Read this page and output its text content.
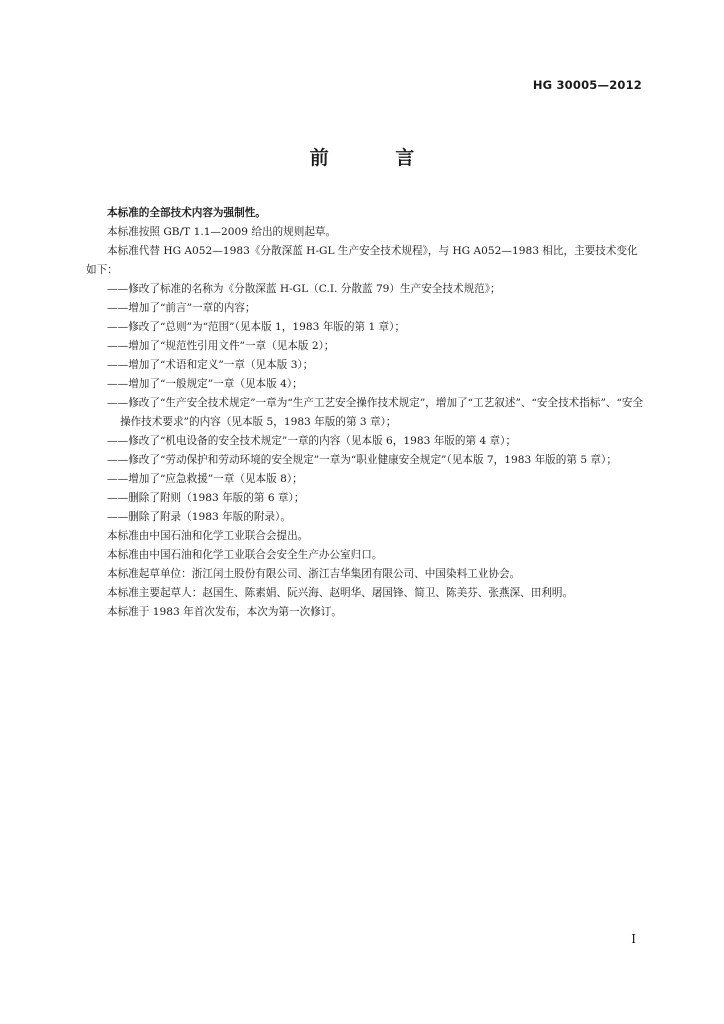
HG 30005—2012
前 言
本标准的全部技术内容为强制性。
本标准按照 GB/T 1.1—2009 给出的规则起草。
本标准代替 HG A052—1983《分散深蓝 H-GL 生产安全技术规程》，与 HG A052—1983 相比，主要技术变化如下：
——修改了标准的名称为《分散深蓝 H-GL（C.I. 分散蓝 79）生产安全技术规范》；
——增加了“前言”一章的内容；
——修改了“总则”为“范围”（见本版 1，1983 年版的第 1 章）；
——增加了“规范性引用文件”一章（见本版 2）；
——增加了“术语和定义”一章（见本版 3）；
——增加了“一般规定”一章（见本版 4）；
——修改了“生产安全技术规定”一章为“生产工艺安全操作技术规定”，增加了“工艺叙述”、“安全技术指标”、“安全操作技术要求”的内容（见本版 5，1983 年版的第 3 章）；
——修改了“机电设备的安全技术规定”一章的内容（见本版 6，1983 年版的第 4 章）；
——修改了“劳动保护和劳动环境的安全规定”一章为“职业健康安全规定”（见本版 7，1983 年版的第 5 章）；
——增加了“应急救援”一章（见本版 8）；
——删除了附则（1983 年版的第 6 章）；
——删除了附录（1983 年版的附录）。
本标准由中国石油和化学工业联合会提出。
本标准由中国石油和化学工业联合会安全生产办公室归口。
本标准起草单位：浙江闰土股份有限公司、浙江吉华集团有限公司、中国染料工业协会。
本标准主要起草人：赵国生、陈素娟、阮兴海、赵明华、屠国锋、简卫、陈美芬、张燕深、田利明。
本标准于 1983 年首次发布，本次为第一次修订。
I
